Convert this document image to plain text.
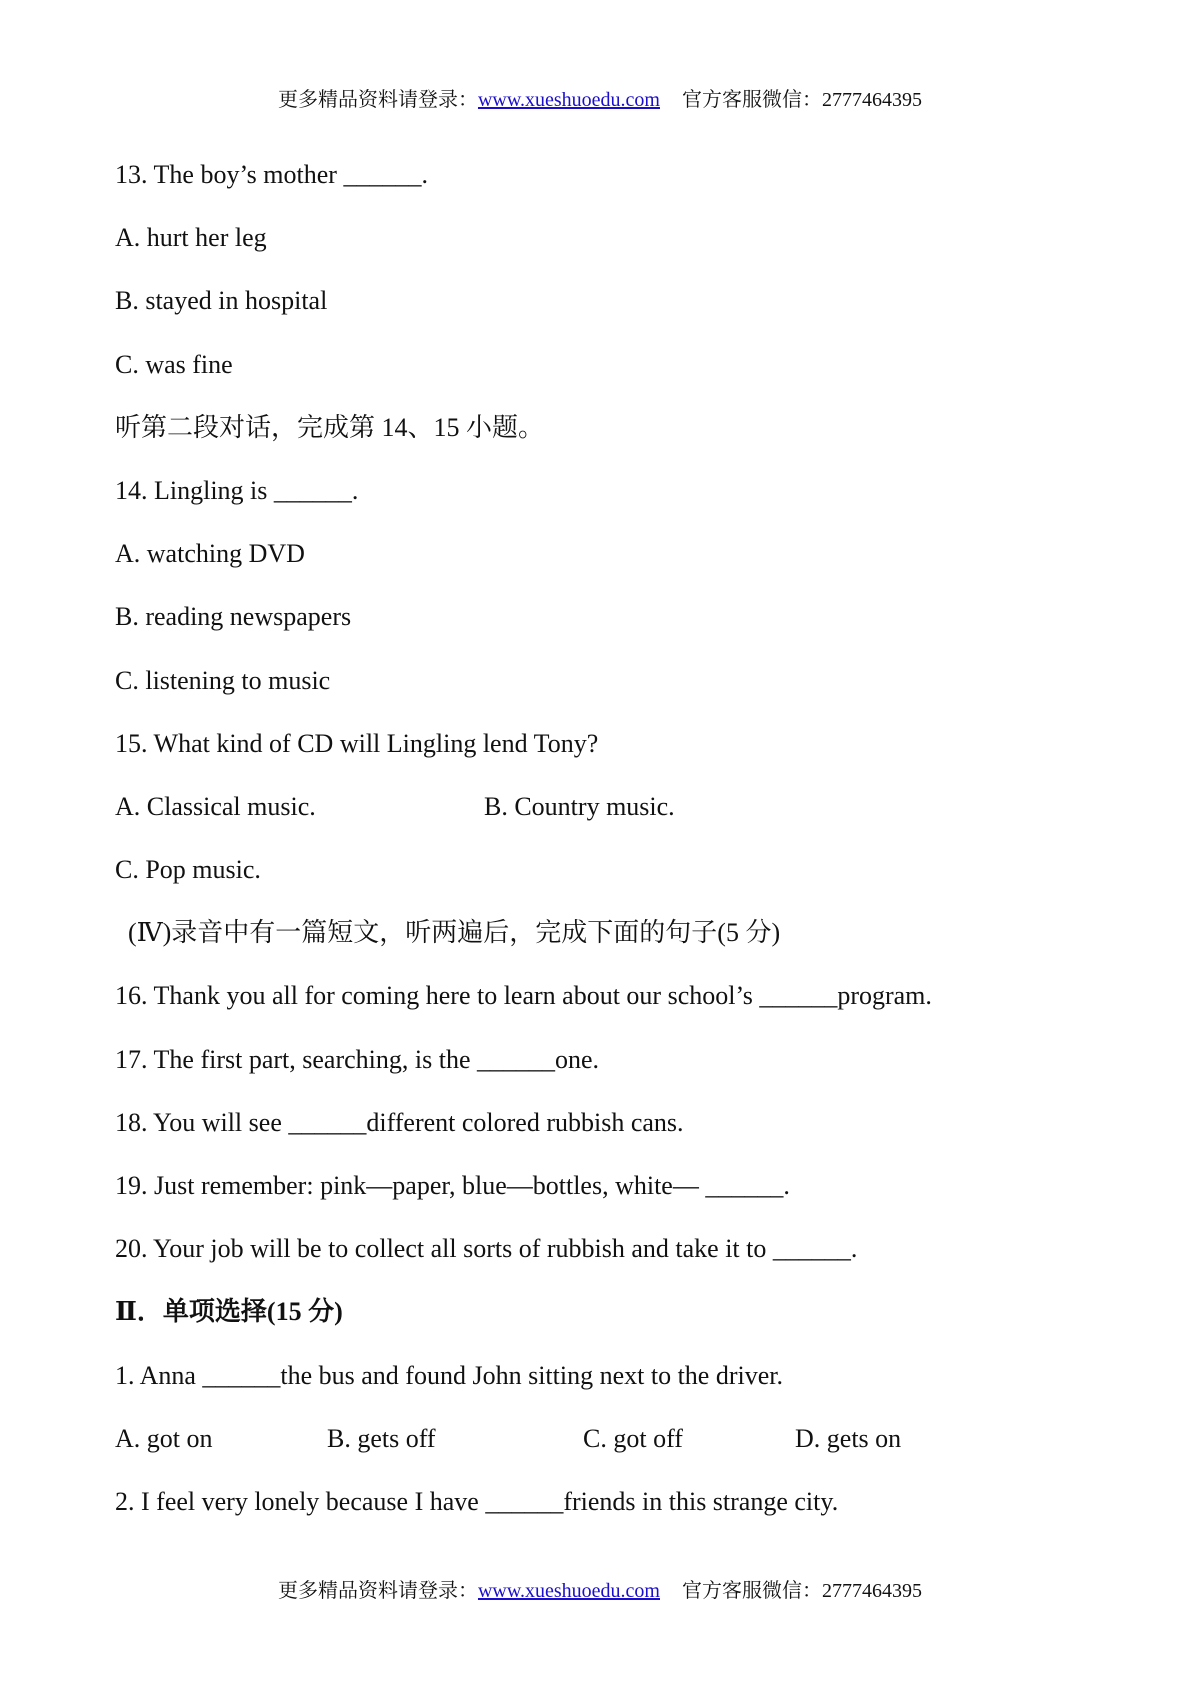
更多精品资料请登录：www.xueshuoedu.com 官方客服微信：2777464395
13. The boy’s mother ______.
A. hurt her leg
B. stayed in hospital
C. was fine
听第二段对话，完成第 14、15 小题。
14. Lingling is ______.
A. watching DVD
B. reading newspapers
C. listening to music
15. What kind of CD will Lingling lend Tony?
A. Classical music.	B. Country music.
C. Pop music.
(Ⅳ)录音中有一篇短文，听两遍后，完成下面的句子(5 分)
16. Thank you all for coming here to learn about our school’s ______program.
17. The first part, searching, is the ______one.
18. You will see ______different colored rubbish cans.
19. Just remember: pink—paper, blue—bottles, white— ______.
20. Your job will be to collect all sorts of rubbish and take it to ______.
Ⅱ．单项选择(15 分)
1. Anna ______the bus and found John sitting next to the driver.
A. got on	B. gets off	C. got off	D. gets on
2. I feel very lonely because I have ______friends in this strange city.
更多精品资料请登录：www.xueshuoedu.com 官方客服微信：2777464395
